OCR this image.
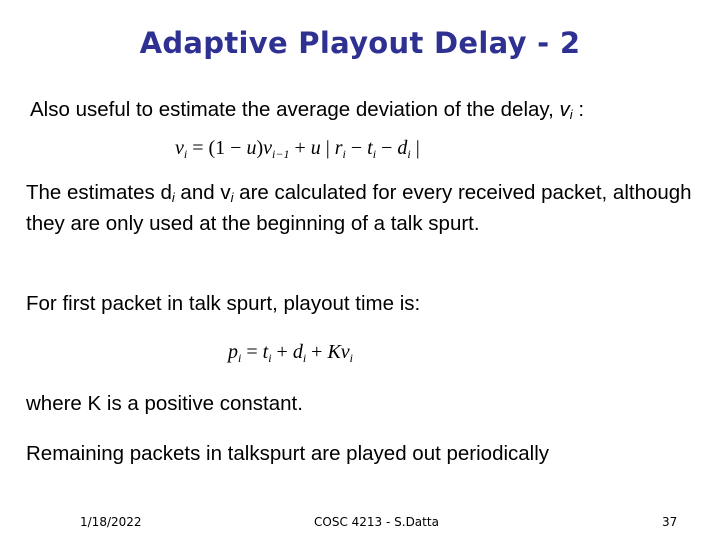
Adaptive Playout Delay - 2
Also useful to estimate the average deviation of the delay, vi :
$v_i = (1 - u)v_{i-1} + u$ | $r_i - t_i - d_i$ |
The estimates di and vi are calculated for every received packet, although they are only used at the beginning of a talk spurt.
For first packet in talk spurt, playout time is:
$p_i = t_i + d_i + Kv_i$
where K is a positive constant.
Remaining packets in talkspurt are played out periodically
1/18/2022	COSC 4213 - S.Datta	37
